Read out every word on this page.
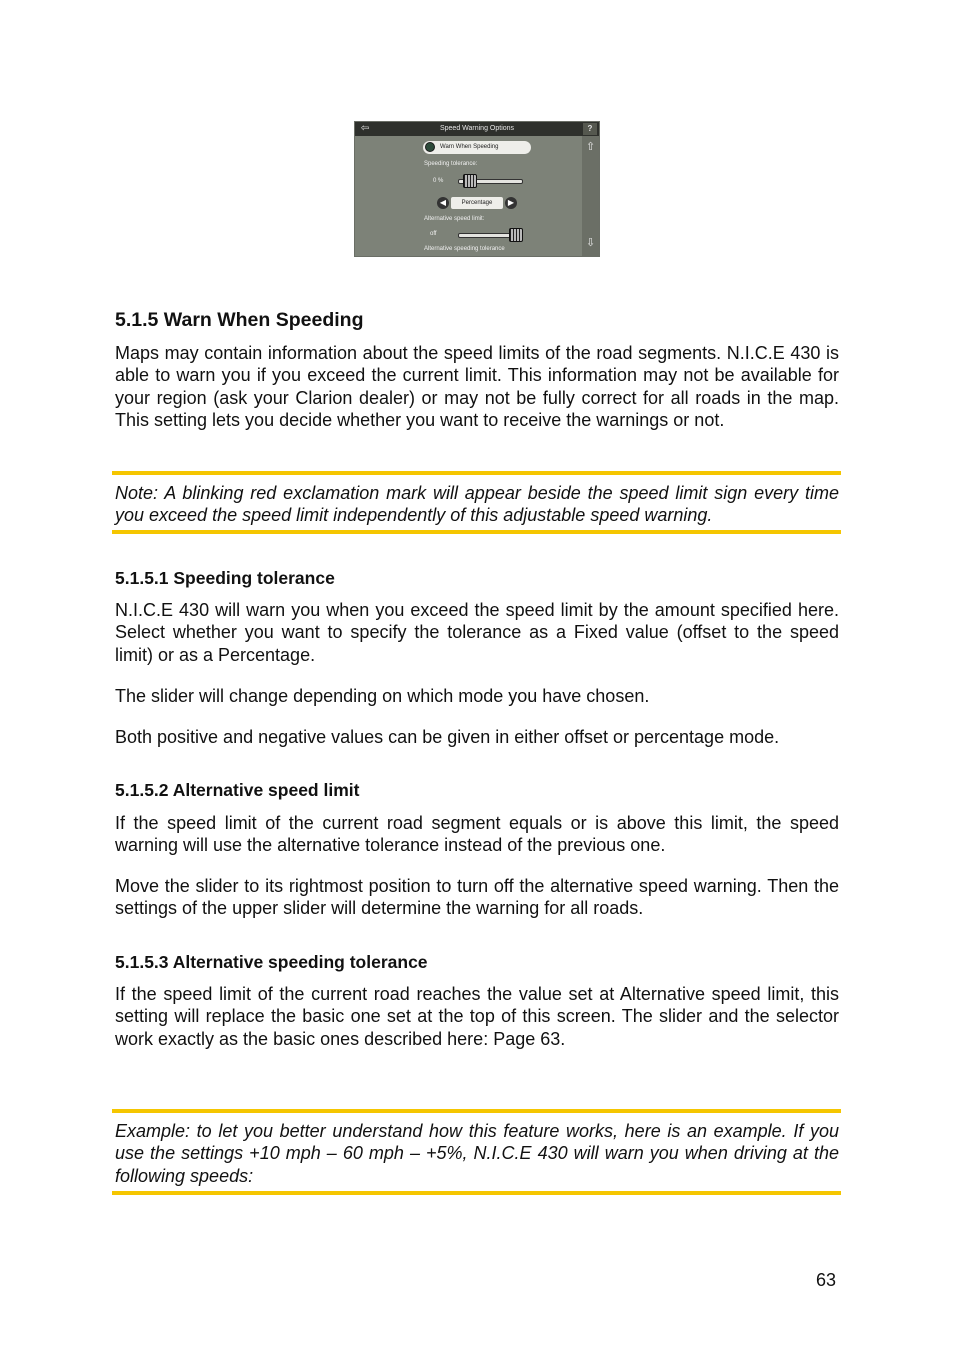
⇦	Speed Warning Options	?
⇧
⇩
Warn When Speeding
Speeding tolerance:
0 %
◀	Percentage	▶
Alternative speed limit:
off
Alternative speeding tolerance
5.1.5 Warn When Speeding
Maps may contain information about the speed limits of the road segments. N.I.C.E 430 is able to warn you if you exceed the current limit. This information may not be available for your region (ask your Clarion dealer) or may not be fully correct for all roads in the map. This setting lets you decide whether you want to receive the warnings or not.
Note: A blinking red exclamation mark will appear beside the speed limit sign every time you exceed the speed limit independently of this adjustable speed warning.
5.1.5.1 Speeding tolerance
N.I.C.E 430 will warn you when you exceed the speed limit by the amount specified here. Select whether you want to specify the tolerance as a Fixed value (offset to the speed limit) or as a Percentage.
The slider will change depending on which mode you have chosen.
Both positive and negative values can be given in either offset or percentage mode.
5.1.5.2 Alternative speed limit
If the speed limit of the current road segment equals or is above this limit, the speed warning will use the alternative tolerance instead of the previous one.
Move the slider to its rightmost position to turn off the alternative speed warning. Then the settings of the upper slider will determine the warning for all roads.
5.1.5.3 Alternative speeding tolerance
If the speed limit of the current road reaches the value set at Alternative speed limit, this setting will replace the basic one set at the top of this screen. The slider and the selector work exactly as the basic ones described here: Page 63.
Example: to let you better understand how this feature works, here is an example. If you use the settings +10 mph – 60 mph – +5%, N.I.C.E 430 will warn you when driving at the following speeds:
63
